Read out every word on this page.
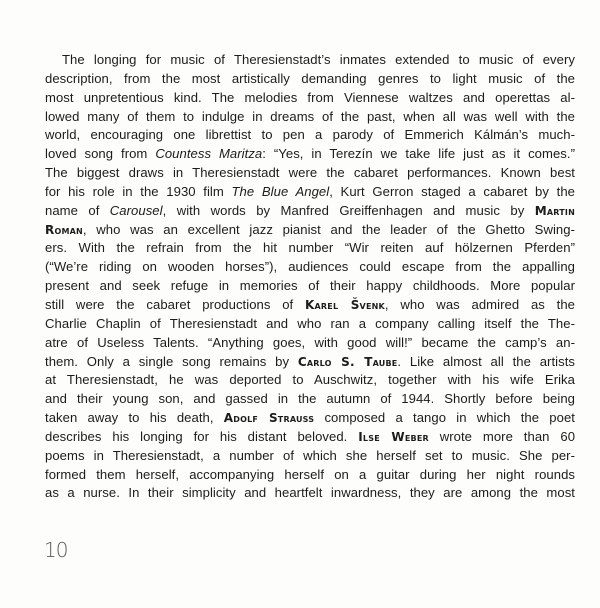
The longing for music of Theresienstadt’s inmates extended to music of every
description, from the most artistically demanding genres to light music of the
most unpretentious kind. The melodies from Viennese waltzes and operettas al-
lowed many of them to indulge in dreams of the past, when all was well with the
world, encouraging one librettist to pen a parody of Emmerich Kálmán’s much-
loved song from Countess Maritza: “Yes, in Terezín we take life just as it comes.”
The biggest draws in Theresienstadt were the cabaret performances. Known best
for his role in the 1930 film The Blue Angel, Kurt Gerron staged a cabaret by the
name of Carousel, with words by Manfred Greiffenhagen and music by Martin
Roman, who was an excellent jazz pianist and the leader of the Ghetto Swing-
ers. With the refrain from the hit number “Wir reiten auf hölzernen Pferden”
(“We’re riding on wooden horses”), audiences could escape from the appalling
present and seek refuge in memories of their happy childhoods. More popular
still were the cabaret productions of Karel Švenk, who was admired as the
Charlie Chaplin of Theresienstadt and who ran a company calling itself the The-
atre of Useless Talents. “Anything goes, with good will!” became the camp’s an-
them. Only a single song remains by Carlo S. Taube. Like almost all the artists
at Theresienstadt, he was deported to Auschwitz, together with his wife Erika
and their young son, and gassed in the autumn of 1944. Shortly before being
taken away to his death, Adolf Strauss composed a tango in which the poet
describes his longing for his distant beloved. Ilse Weber wrote more than 60
poems in Theresienstadt, a number of which she herself set to music. She per-
formed them herself, accompanying herself on a guitar during her night rounds
as a nurse. In their simplicity and heartfelt inwardness, they are among the most
10
